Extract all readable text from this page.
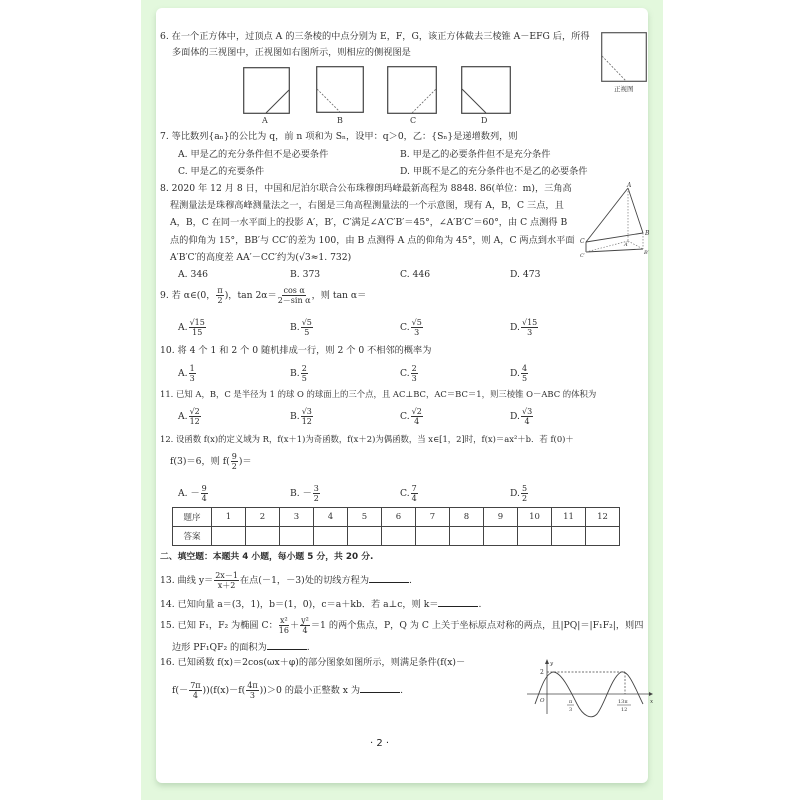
6. 在一个正方体中，过顶点 A 的三条棱的中点分别为 E，F，G，该正方体截去三棱锥 A－EFG 后，所得
多面体的三视图中，正视图如右图所示，则相应的侧视图是
正视图
A	B	C	D
7. 等比数列{aₙ}的公比为 q，前 n 项和为 Sₙ，设甲：q＞0，乙：{Sₙ}是递增数列，则
A. 甲是乙的充分条件但不是必要条件	B. 甲是乙的必要条件但不是充分条件
C. 甲是乙的充要条件	D. 甲既不是乙的充分条件也不是乙的必要条件
8. 2020 年 12 月 8 日，中国和尼泊尔联合公布珠穆朗玛峰最新高程为 8848. 86(单位：m)，三角高
程测量法是珠穆高峰测量法之一，右图是三角高程测量法的一个示意图，现有 A，B，C 三点，且
A，B，C 在同一水平面上的投影 A′，B′，C′满足∠A′C′B′＝45°，∠A′B′C′＝60°，由 C 点测得 B
点的仰角为 15°，BB′与 CC′的差为 100，由 B 点测得 A 点的仰角为 45°，则 A，C 两点到水平面
A′B′C′的高度差 AA′－CC′约为(√3≈1. 732)
A. 346	B. 373	C. 446	D. 473
A
B
C	A′
B′
C′
9. 若 α∈(0， $\frac{\pi}{2}$ )，$\tan 2\alpha= \frac{\text{cos α}}{\text{2－sin α}}$ ，则 tan α＝
A. $\frac{√15}{15}$	B. $\frac{√5}{5}$	C. $\frac{√5}{3}$	D. $\frac{√15}{3}$
10. 将 4 个 1 和 2 个 0 随机排成一行，则 2 个 0 不相邻的概率为
A. $\frac{1}{3}$	B. $\frac{2}{5}$	C. $\frac{2}{3}$	D. $\frac{4}{5}$
11. 已知 A，B，C 是半径为 1 的球 O 的球面上的三个点，且 AC⊥BC，AC＝BC＝1，则三棱锥 O－ABC 的体积为
A. $\frac{√2}{12}$	B. $\frac{√3}{12}$	C. $\frac{√2}{4}$	D. $\frac{√3}{4}$
12. 设函数 f(x)的定义域为 R，f(x＋1)为奇函数，f(x＋2)为偶函数，当 x∈[1，2]时，f(x)＝ax²＋b．若 f(0)＋
f(3)＝6，则 $f( \frac{9}{2}$ )＝
A. － $\frac{9}{4}$	B. － $\frac{3}{2}$	C. $\frac{7}{4}$	D. $\frac{5}{2}$
题序	1	2	3	4	5	6	7	8	9	10	11	12
答案												
二、填空题：本题共 4 小题，每小题 5 分，共 20 分.
13. 曲线 $y= \frac{2x-1}{x+2}$ 在点(－1，－3)处的切线方程为	.
14. 已知向量 a＝(3，1)，b＝(1，0)，c＝a＋kb．若 a⊥c，则 k＝	.
15. 已知 F₁，F₂ 为椭圆 C： $\frac{\text{x²}}{16} + \frac{\text{y²}}{4} =1$ 的两个焦点，P，Q 为 C 上关于坐标原点对称的两点，且|PQ|＝|F₁F₂|，则四
边形 PF₁QF₂ 的面积为	.
16. 已知函数 f(x)＝2cos(ωx＋φ)的部分图象如图所示，则满足条件(f(x)－
$f(- \frac{7\pi}{4} ))(f(x)-f( \frac{4\pi}{3} ))>0$ 的最小正整数 x 为	.
y
x
O
2
π
3
13π
12
· 2 ·
